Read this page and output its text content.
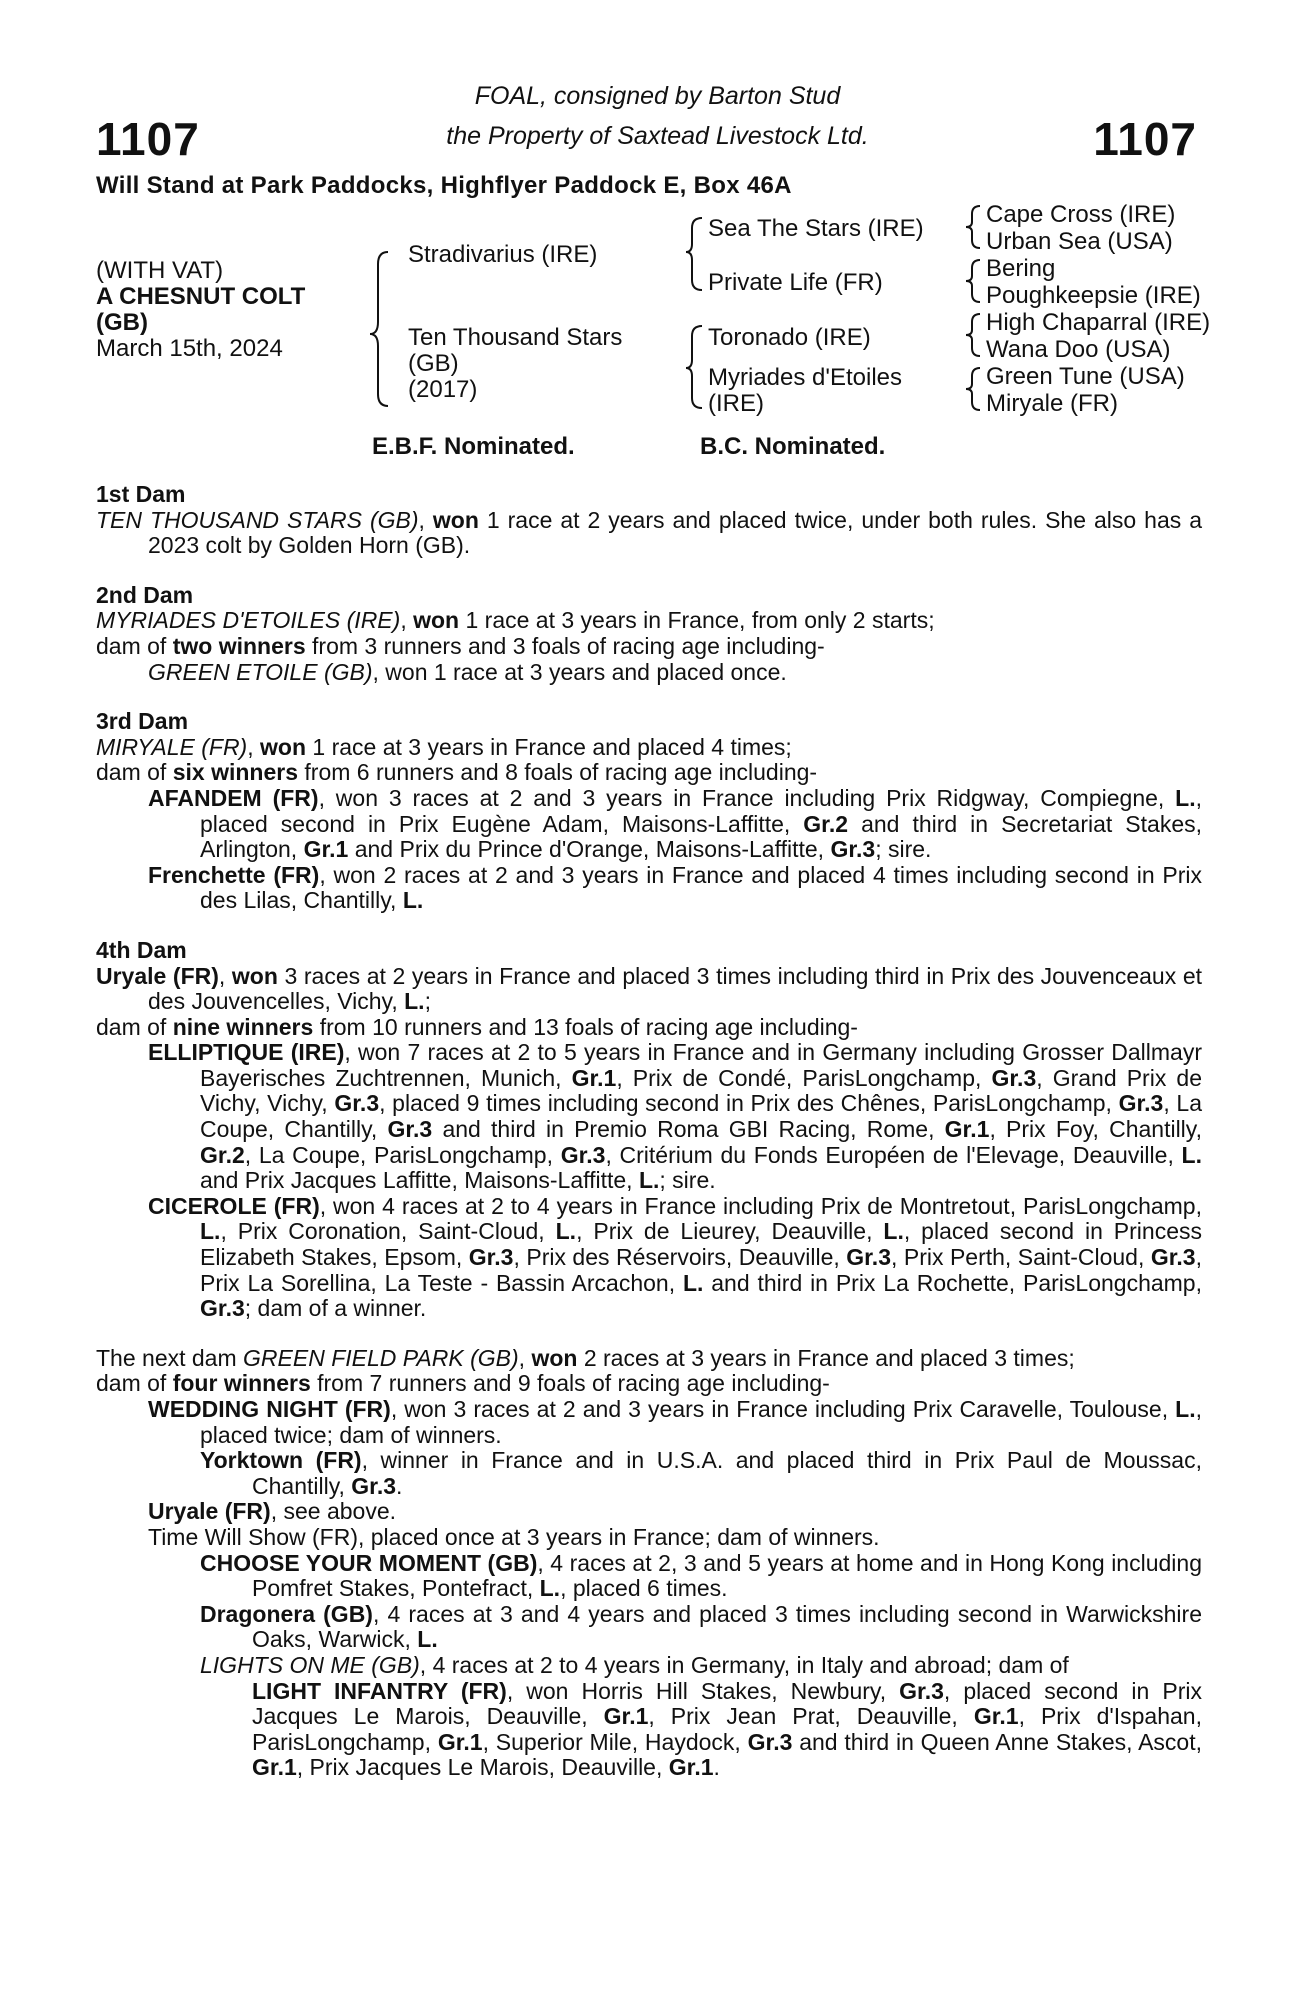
1107	1107
FOAL, consigned by Barton Stud
the Property of Saxtead Livestock Ltd.
Will Stand at Park Paddocks, Highflyer Paddock E, Box 46A
(WITH VAT)
A CHESNUT COLT
(GB)
March 15th, 2024
Stradivarius (IRE)
Ten Thousand Stars
(GB)
(2017)
Sea The Stars (IRE)
Private Life (FR)
Toronado (IRE)
Myriades d'Etoiles
(IRE)
Cape Cross (IRE)
Urban Sea (USA)
Bering
Poughkeepsie (IRE)
High Chaparral (IRE)
Wana Doo (USA)
Green Tune (USA)
Miryale (FR)
E.B.F. Nominated.	B.C. Nominated.
1st Dam

TEN THOUSAND STARS (GB), won 1 race at 2 years and placed twice, under both rules. She also has a 2023 colt by Golden Horn (GB).

2nd Dam

MYRIADES D'ETOILES (IRE), won 1 race at 3 years in France, from only 2 starts;

dam of two winners from 3 runners and 3 foals of racing age including-

GREEN ETOILE (GB), won 1 race at 3 years and placed once.

3rd Dam

MIRYALE (FR), won 1 race at 3 years in France and placed 4 times;

dam of six winners from 6 runners and 8 foals of racing age including-

AFANDEM (FR), won 3 races at 2 and 3 years in France including Prix Ridgway, Compiegne, L., placed second in Prix Eugène Adam, Maisons-Laffitte, Gr.2 and third in Secretariat Stakes, Arlington, Gr.1 and Prix du Prince d'Orange, Maisons-Laffitte, Gr.3; sire.

Frenchette (FR), won 2 races at 2 and 3 years in France and placed 4 times including second in Prix des Lilas, Chantilly, L.

4th Dam

Uryale (FR), won 3 races at 2 years in France and placed 3 times including third in Prix des Jouvenceaux et des Jouvencelles, Vichy, L.;

dam of nine winners from 10 runners and 13 foals of racing age including-

ELLIPTIQUE (IRE), won 7 races at 2 to 5 years in France and in Germany including Grosser Dallmayr Bayerisches Zuchtrennen, Munich, Gr.1, Prix de Condé, ParisLongchamp, Gr.3, Grand Prix de Vichy, Vichy, Gr.3, placed 9 times including second in Prix des Chênes, ParisLongchamp, Gr.3, La Coupe, Chantilly, Gr.3 and third in Premio Roma GBI Racing, Rome, Gr.1, Prix Foy, Chantilly, Gr.2, La Coupe, ParisLongchamp, Gr.3, Critérium du Fonds Européen de l'Elevage, Deauville, L. and Prix Jacques Laffitte, Maisons-Laffitte, L.; sire.

CICEROLE (FR), won 4 races at 2 to 4 years in France including Prix de Montretout, ParisLongchamp, L., Prix Coronation, Saint-Cloud, L., Prix de Lieurey, Deauville, L., placed second in Princess Elizabeth Stakes, Epsom, Gr.3, Prix des Réservoirs, Deauville, Gr.3, Prix Perth, Saint-Cloud, Gr.3, Prix La Sorellina, La Teste - Bassin Arcachon, L. and third in Prix La Rochette, ParisLongchamp, Gr.3; dam of a winner.

The next dam GREEN FIELD PARK (GB), won 2 races at 3 years in France and placed 3 times;

dam of four winners from 7 runners and 9 foals of racing age including-

WEDDING NIGHT (FR), won 3 races at 2 and 3 years in France including Prix Caravelle, Toulouse, L., placed twice; dam of winners.

Yorktown (FR), winner in France and in U.S.A. and placed third in Prix Paul de Moussac, Chantilly, Gr.3.

Uryale (FR), see above.

Time Will Show (FR), placed once at 3 years in France; dam of winners.

CHOOSE YOUR MOMENT (GB), 4 races at 2, 3 and 5 years at home and in Hong Kong including Pomfret Stakes, Pontefract, L., placed 6 times.

Dragonera (GB), 4 races at 3 and 4 years and placed 3 times including second in Warwickshire Oaks, Warwick, L.

LIGHTS ON ME (GB), 4 races at 2 to 4 years in Germany, in Italy and abroad; dam of

LIGHT INFANTRY (FR), won Horris Hill Stakes, Newbury, Gr.3, placed second in Prix Jacques Le Marois, Deauville, Gr.1, Prix Jean Prat, Deauville, Gr.1, Prix d'Ispahan, ParisLongchamp, Gr.1, Superior Mile, Haydock, Gr.3 and third in Queen Anne Stakes, Ascot, Gr.1, Prix Jacques Le Marois, Deauville, Gr.1.
